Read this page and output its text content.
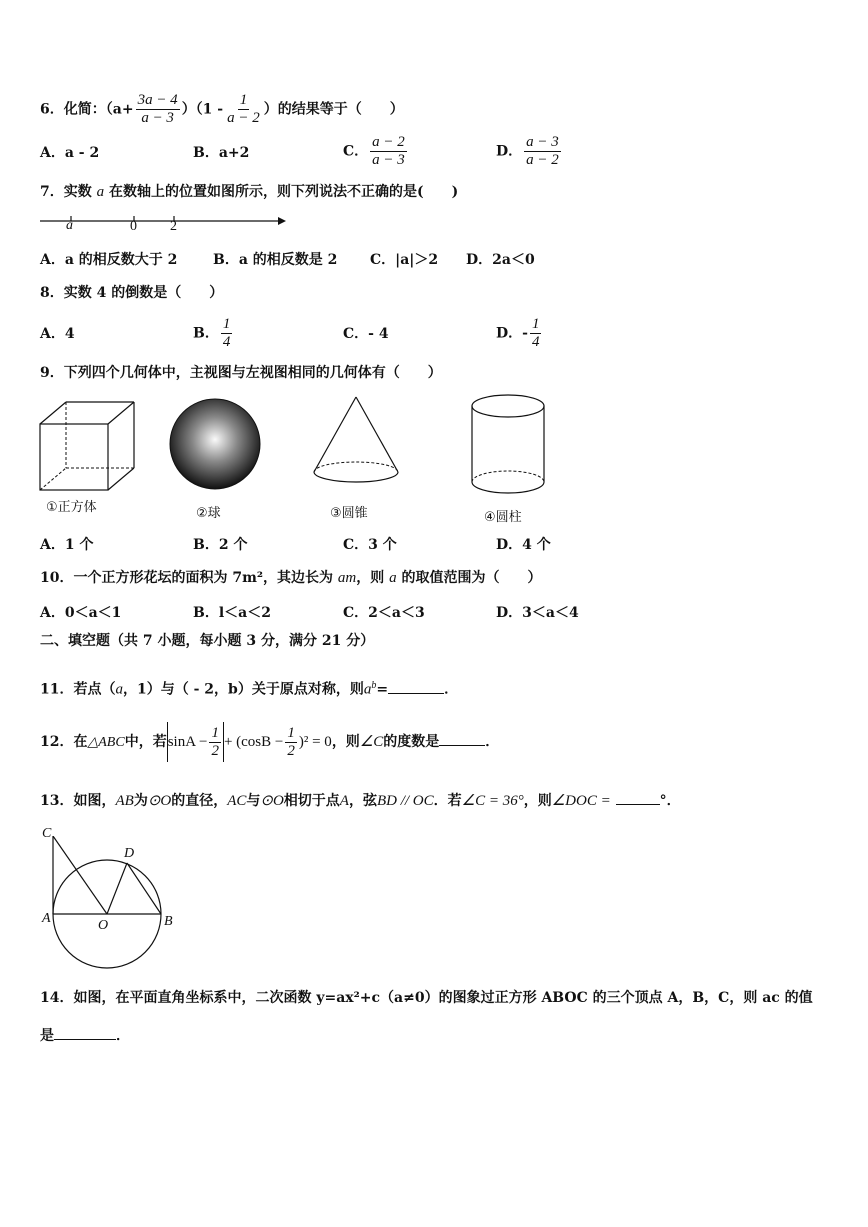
6．化简：$(a+ \frac{3a - 4}{a - 3} )(1 - \frac{1}{a - 2}$ ）的结果等于（　　）
A．a - 2	B．a+2	C． $\frac{a - 2}{a - 3}$	D． $\frac{a - 3}{a - 2}$
7．实数 a 在数轴上的位置如图所示，则下列说法不正确的是(　　)
a	0 2
A．a 的相反数大于 2	B．a 的相反数是 2 C．|a|＞2 D．2a＜0
8．实数 4 的倒数是（　　）
A．4	B． $\frac{1}{4}$	C．- 4	D．- $\frac{1}{4}$
9．下列四个几何体中，主视图与左视图相同的几何体有（　　）
①正方体	②球	③圆锥	④圆柱
A．1 个	B．2 个	C．3 个	D．4 个
10．一个正方形花坛的面积为 7m²，其边长为 am，则 a 的取值范围为（　　）
A．0＜a＜1	B．l＜a＜2	C．2＜a＜3	D．3＜a＜4
二、填空题（共 7 小题，每小题 3 分，满分 21 分）
11．若点（a，1）与（ - 2，b）关于原点对称，则$a^b=$	．
12．在△ABC中，若$\sin A - \frac{1}{2} + (\cos B - \frac{1}{2} )^2 = 0$，则∠C的度数是	．
13．如图，AB为⊙O的直径，AC与⊙O相切于点A，弦BD // OC．若∠C = 36°，则∠DOC =	°．
C
D
A	O	B
14．如图，在平面直角坐标系中，二次函数 y=ax²+c（a≠0）的图象过正方形 ABOC 的三个顶点 A，B，C，则 ac 的值
是	．
